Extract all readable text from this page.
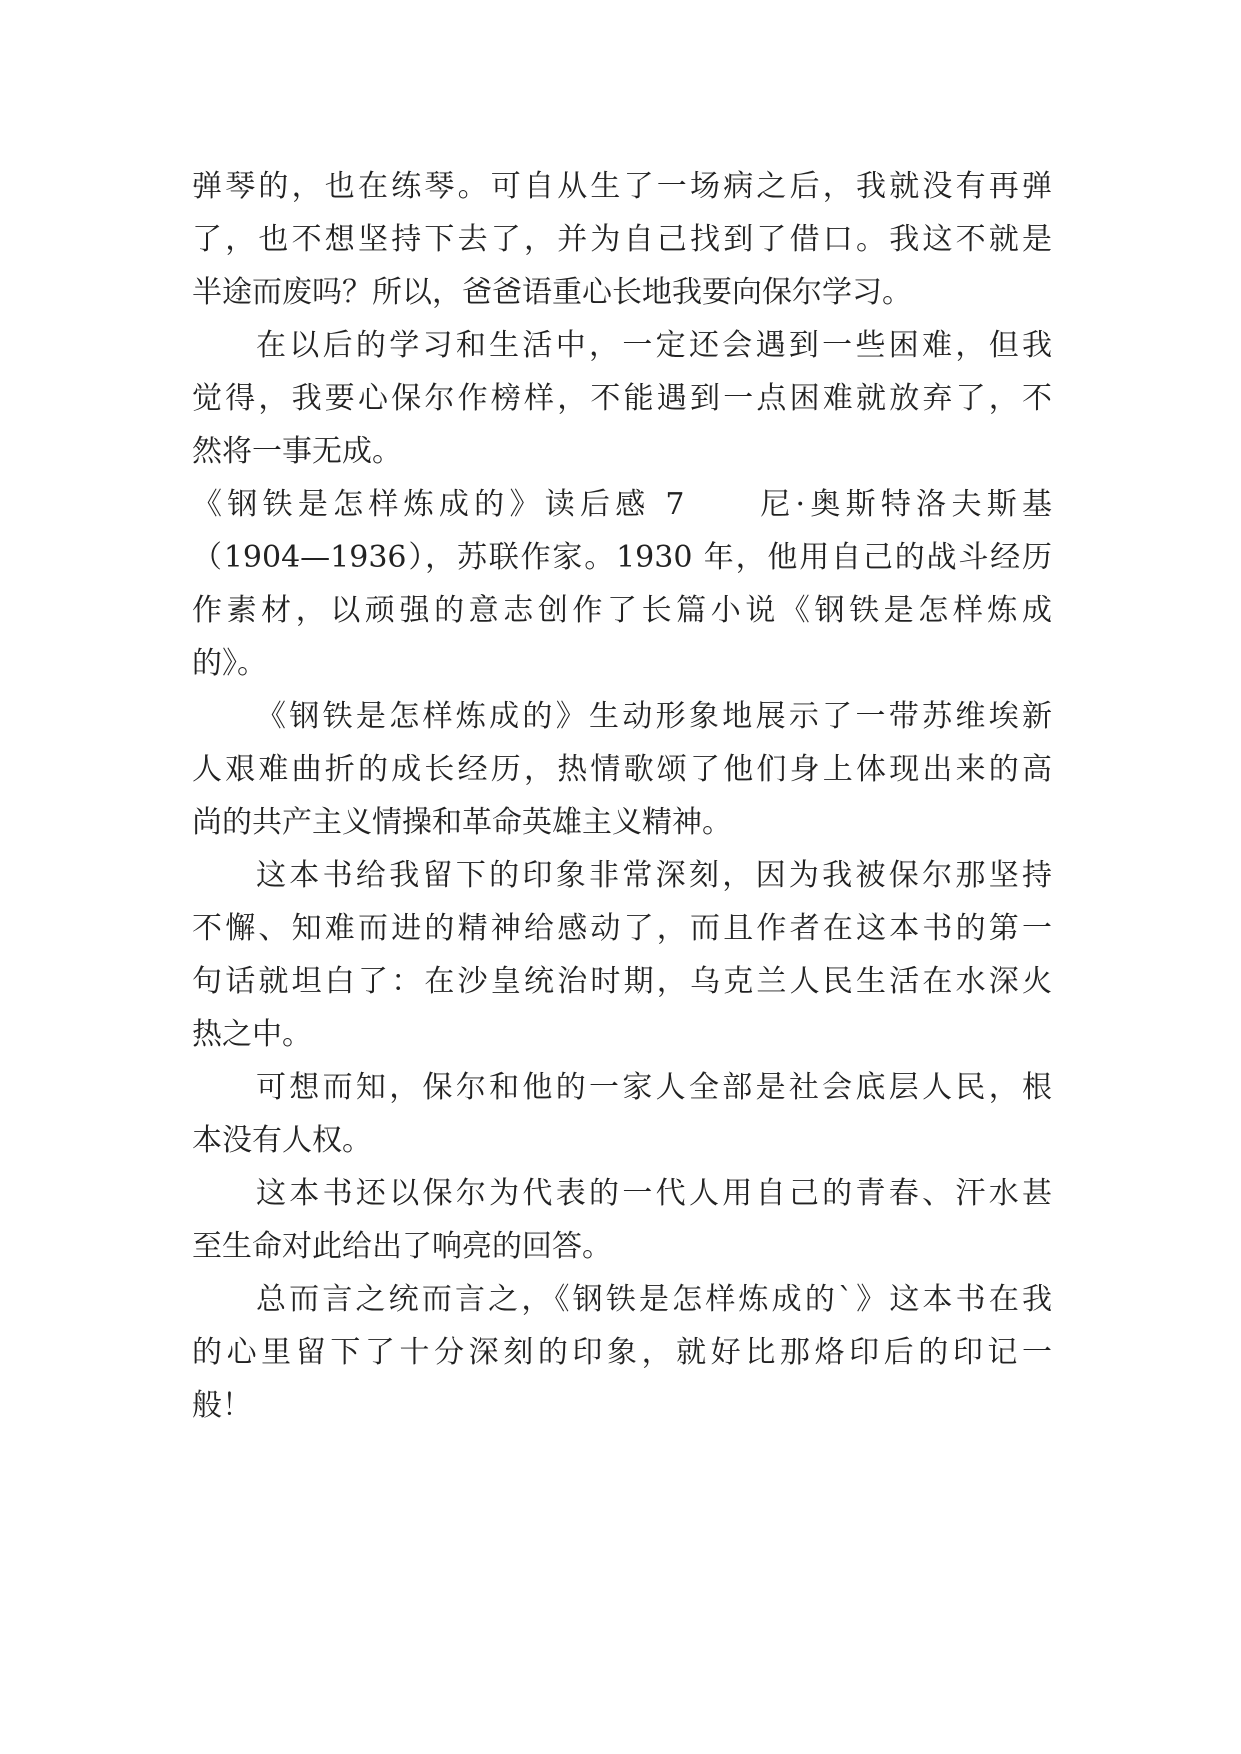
弹琴的，也在练琴。可自从生了一场病之后，我就没有再弹
了，也不想坚持下去了，并为自己找到了借口。我这不就是
半途而废吗？所以，爸爸语重心长地我要向保尔学习。
在以后的学习和生活中，一定还会遇到一些困难，但我
觉得，我要心保尔作榜样，不能遇到一点困难就放弃了，不
然将一事无成。
《钢铁是怎样炼成的》读后感 7　　尼·奥斯特洛夫斯基
（1904—1936），苏联作家。1930 年，他用自己的战斗经历
作素材，以顽强的意志创作了长篇小说《钢铁是怎样炼成
的》。
《钢铁是怎样炼成的》生动形象地展示了一带苏维埃新
人艰难曲折的成长经历，热情歌颂了他们身上体现出来的高
尚的共产主义情操和革命英雄主义精神。
这本书给我留下的印象非常深刻，因为我被保尔那坚持
不懈、知难而进的精神给感动了，而且作者在这本书的第一
句话就坦白了：在沙皇统治时期，乌克兰人民生活在水深火
热之中。
可想而知，保尔和他的一家人全部是社会底层人民，根
本没有人权。
这本书还以保尔为代表的一代人用自己的青春、汗水甚
至生命对此给出了响亮的回答。
总而言之统而言之，《钢铁是怎样炼成的`》这本书在我
的心里留下了十分深刻的印象，就好比那烙印后的印记一
般！
